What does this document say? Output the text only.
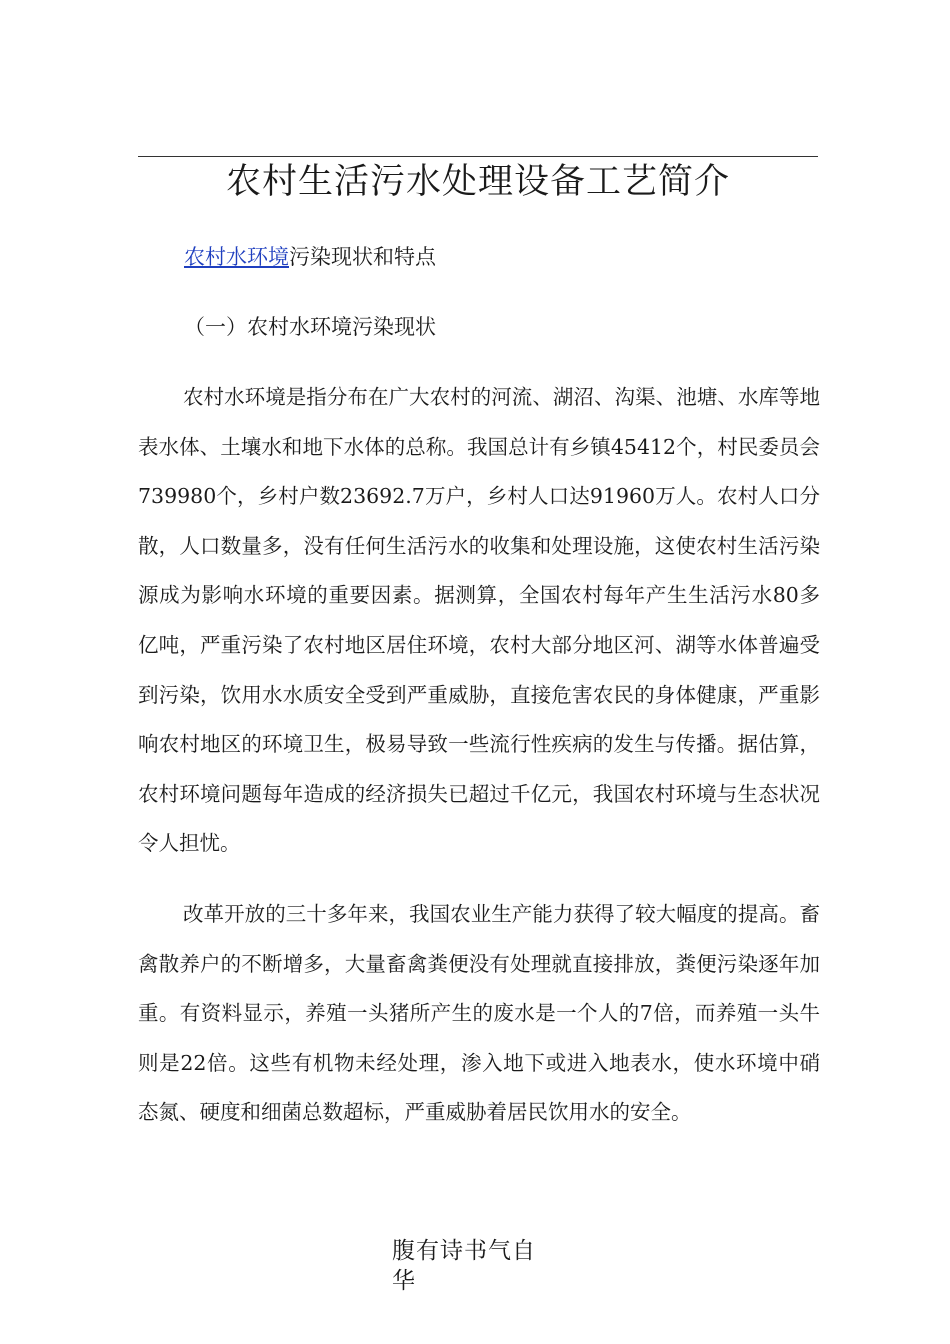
农村生活污水处理设备工艺简介
农村水环境污染现状和特点
（一）农村水环境污染现状

农村水环境是指分布在广大农村的河流、湖沼、沟渠、池塘、水库等地表水体、土壤水和地下水体的总称。我国总计有乡镇45412个，村民委员会739980个，乡村户数23692.7万户，乡村人口达91960万人。农村人口分散，人口数量多，没有任何生活污水的收集和处理设施，这使农村生活污染源成为影响水环境的重要因素。据测算，全国农村每年产生生活污水80多亿吨，严重污染了农村地区居住环境，农村大部分地区河、湖等水体普遍受到污染，饮用水水质安全受到严重威胁，直接危害农民的身体健康，严重影响农村地区的环境卫生，极易导致一些流行性疾病的发生与传播。据估算，农村环境问题每年造成的经济损失已超过千亿元，我国农村环境与生态状况令人担忧。

改革开放的三十多年来，我国农业生产能力获得了较大幅度的提高。畜禽散养户的不断增多，大量畜禽粪便没有处理就直接排放，粪便污染逐年加重。有资料显示，养殖一头猪所产生的废水是一个人的7倍，而养殖一头牛则是22倍。这些有机物未经处理，渗入地下或进入地表水，使水环境中硝态氮、硬度和细菌总数超标，严重威胁着居民饮用水的安全。

腹有诗书气自华
